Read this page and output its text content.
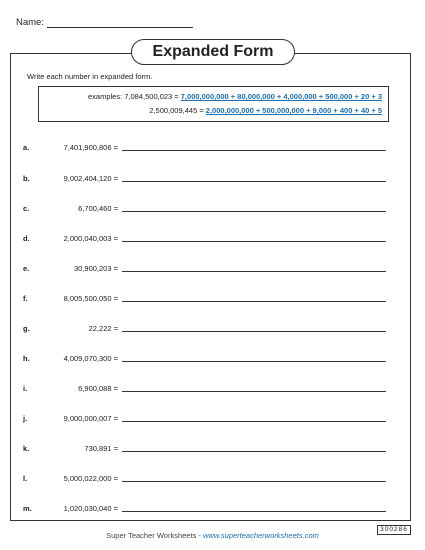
Name:
Expanded Form
Write each number in expanded form.
examples: 7,084,500,023 = 7,000,000,000 + 80,000,000 + 4,000,000 + 500,000 + 20 + 3
2,500,009,445 = 2,000,000,000 + 500,000,000 + 9,000 + 400 + 40 + 5
a.	7,401,900,806 =
b.	9,002,404,120 =
c.	6,700,460 =
d.	2,000,040,003 =
e.	30,900,203 =
f.	8,005,500,050 =
g.	22,222 =
h.	4,009,070,300 =
i.	6,900,088 =
j.	9,000,000,007 =
k.	730,891 =
l.	5,000,022,000 =
m.	1,020,030,040 =
Super Teacher Worksheets - www.superteacherworksheets.com
300286
